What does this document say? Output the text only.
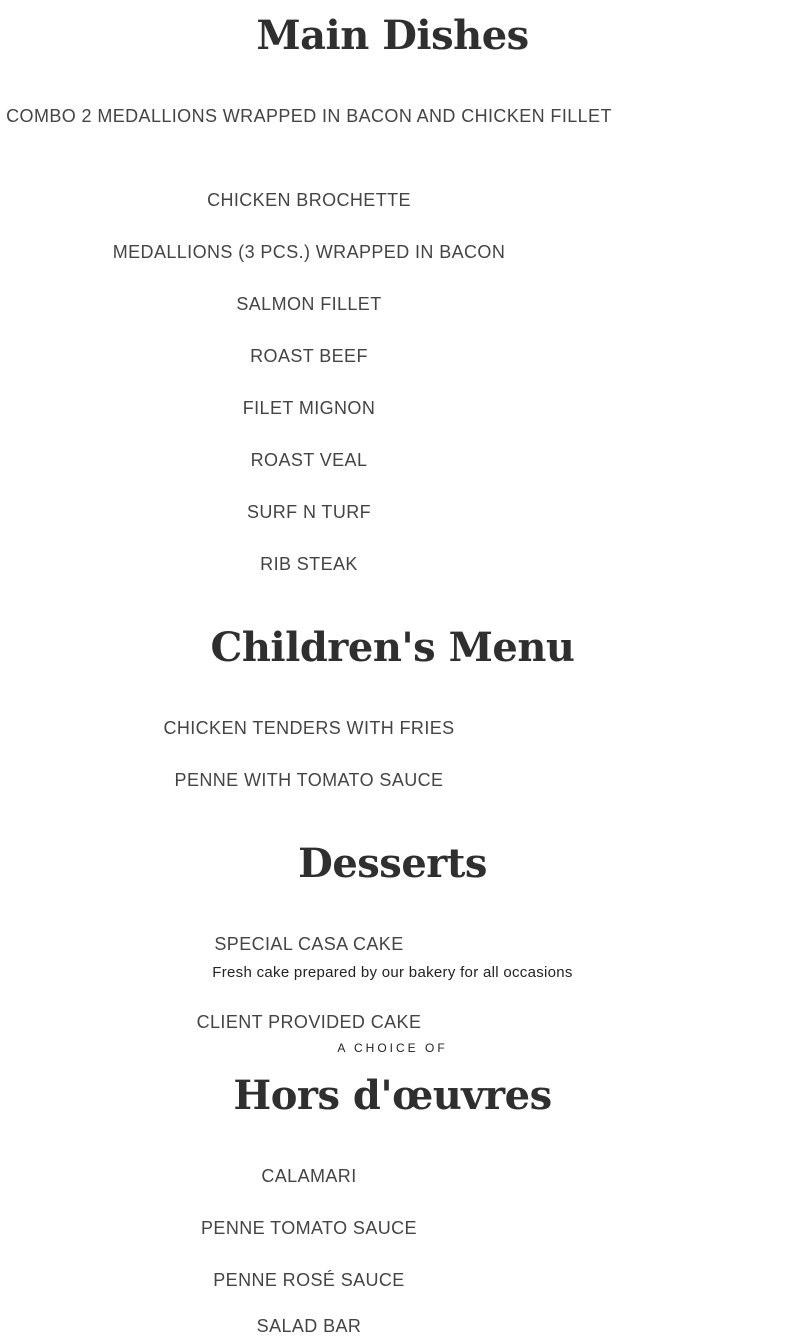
Main Dishes
COMBO 2 MEDALLIONS WRAPPED IN BACON AND CHICKEN FILLET
CHICKEN BROCHETTE
MEDALLIONS (3 PCS.) WRAPPED IN BACON
SALMON FILLET
ROAST BEEF
FILET MIGNON
ROAST VEAL
SURF N TURF
RIB STEAK
Children's Menu
CHICKEN TENDERS WITH FRIES
PENNE WITH TOMATO SAUCE
Desserts
SPECIAL CASA CAKE
Fresh cake prepared by our bakery for all occasions
CLIENT PROVIDED CAKE
A CHOICE OF
Hors d'œuvres
CALAMARI
PENNE TOMATO SAUCE
PENNE ROSÉ SAUCE
SALAD BAR
